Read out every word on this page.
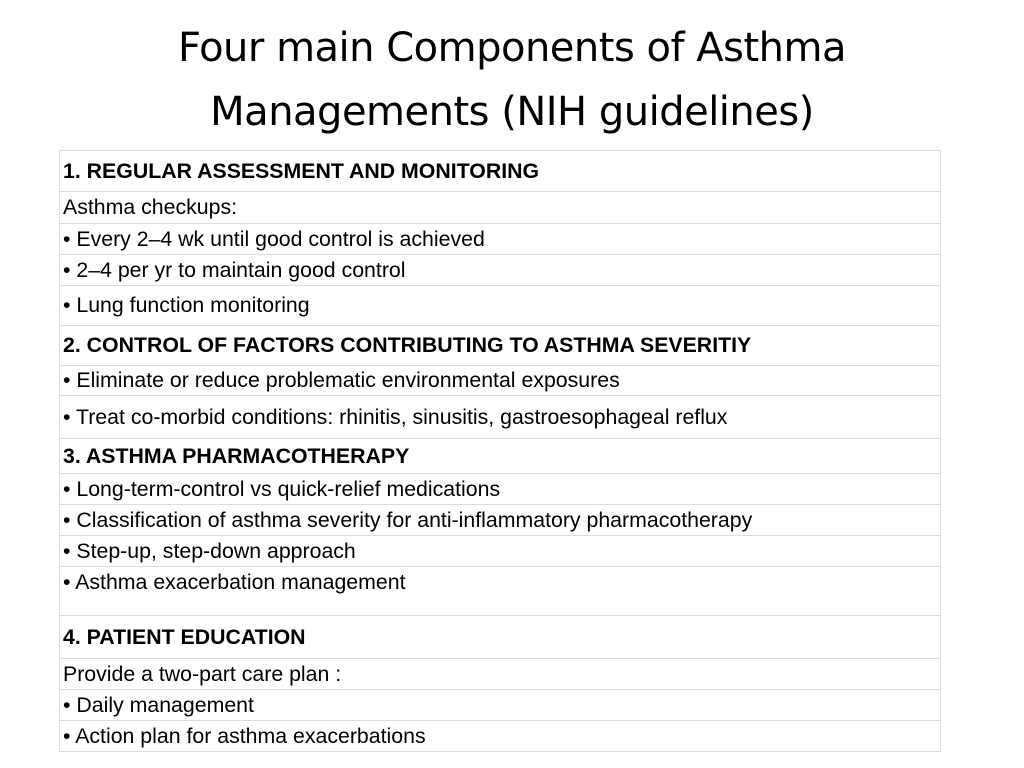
Four main Components of Asthma
Managements (NIH guidelines)
1. REGULAR ASSESSMENT AND MONITORING
Asthma checkups:
• Every 2–4 wk until good control is achieved
• 2–4 per yr to maintain good control
• Lung function monitoring
2. CONTROL OF FACTORS CONTRIBUTING TO ASTHMA SEVERITIY
• Eliminate or reduce problematic environmental exposures
• Treat co-morbid conditions: rhinitis, sinusitis, gastroesophageal reflux
3. ASTHMA PHARMACOTHERAPY
• Long-term-control vs quick-relief medications
• Classification of asthma severity for anti-inflammatory pharmacotherapy
• Step-up, step-down approach
• Asthma exacerbation management
4. PATIENT EDUCATION
Provide a two-part care plan :
• Daily management
• Action plan for asthma exacerbations
